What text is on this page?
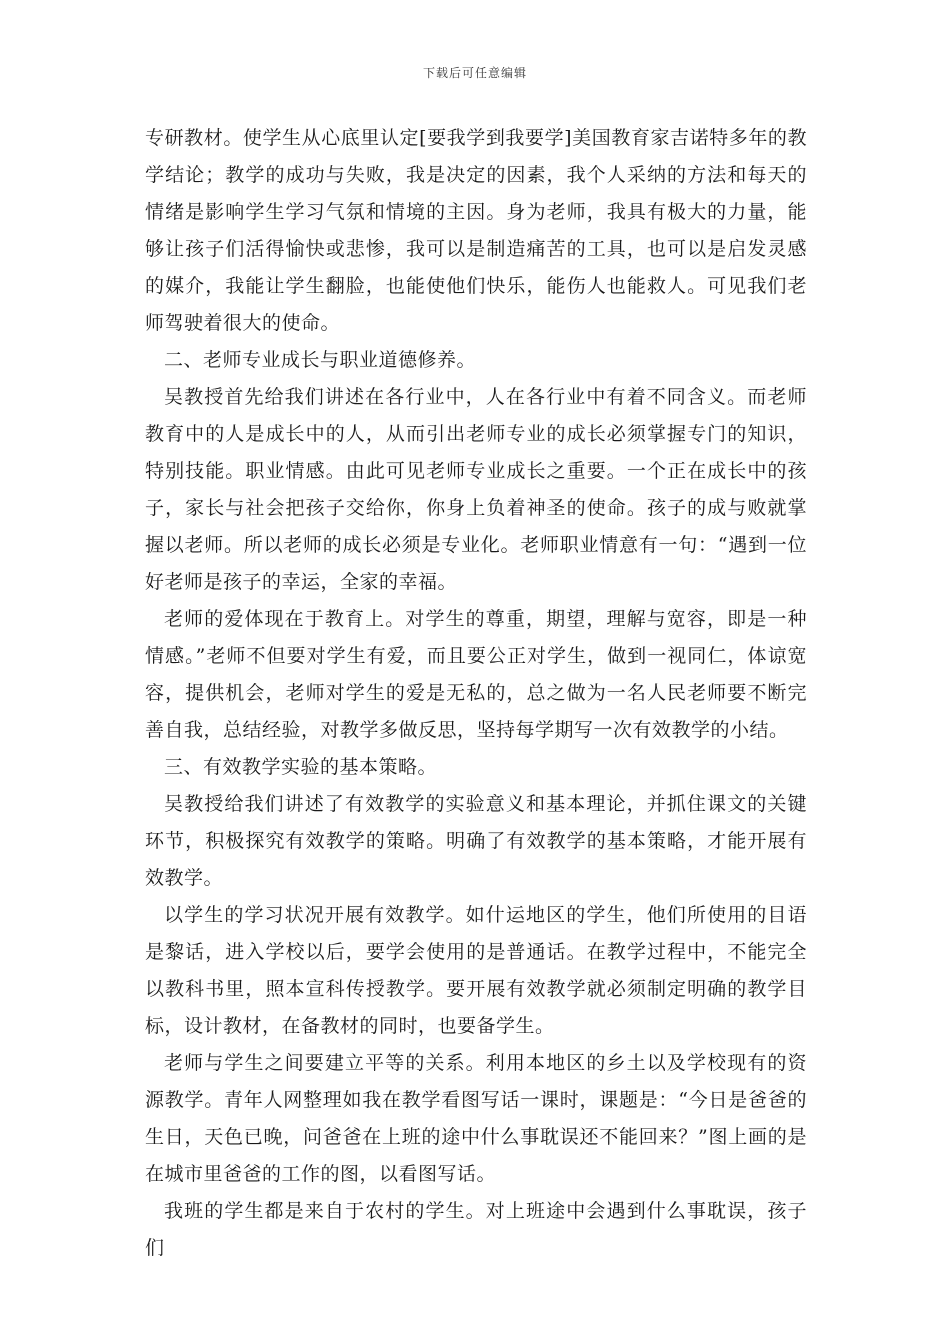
下载后可任意编辑

专研教材。使学生从心底里认定[要我学到我要学]美国教育家吉诺特多年的教学结论；教学的成功与失败，我是决定的因素，我个人采纳的方法和每天的情绪是影响学生学习气氛和情境的主因。身为老师，我具有极大的力量，能够让孩子们活得愉快或悲惨，我可以是制造痛苦的工具，也可以是启发灵感的媒介，我能让学生翻脸，也能使他们快乐，能伤人也能救人。可见我们老师驾驶着很大的使命。

二、老师专业成长与职业道德修养。

吴教授首先给我们讲述在各行业中，人在各行业中有着不同含义。而老师教育中的人是成长中的人，从而引出老师专业的成长必须掌握专门的知识，特别技能。职业情感。由此可见老师专业成长之重要。一个正在成长中的孩子，家长与社会把孩子交给你，你身上负着神圣的使命。孩子的成与败就掌握以老师。所以老师的成长必须是专业化。老师职业情意有一句：“遇到一位好老师是孩子的幸运，全家的幸福。

老师的爱体现在于教育上。对学生的尊重，期望，理解与宽容，即是一种情感。”老师不但要对学生有爱，而且要公正对学生，做到一视同仁，体谅宽容，提供机会，老师对学生的爱是无私的，总之做为一名人民老师要不断完善自我，总结经验，对教学多做反思，坚持每学期写一次有效教学的小结。

三、有效教学实验的基本策略。

吴教授给我们讲述了有效教学的实验意义和基本理论，并抓住课文的关键环节，积极探究有效教学的策略。明确了有效教学的基本策略，才能开展有效教学。

以学生的学习状况开展有效教学。如什运地区的学生，他们所使用的目语是黎话，进入学校以后，要学会使用的是普通话。在教学过程中，不能完全以教科书里，照本宣科传授教学。要开展有效教学就必须制定明确的教学目标，设计教材，在备教材的同时，也要备学生。

老师与学生之间要建立平等的关系。利用本地区的乡土以及学校现有的资源教学。青年人网整理如我在教学看图写话一课时，课题是：“今日是爸爸的生日，天色已晚，问爸爸在上班的途中什么事耽误还不能回来？”图上画的是在城市里爸爸的工作的图，以看图写话。

我班的学生都是来自于农村的学生。对上班途中会遇到什么事耽误，孩子们
